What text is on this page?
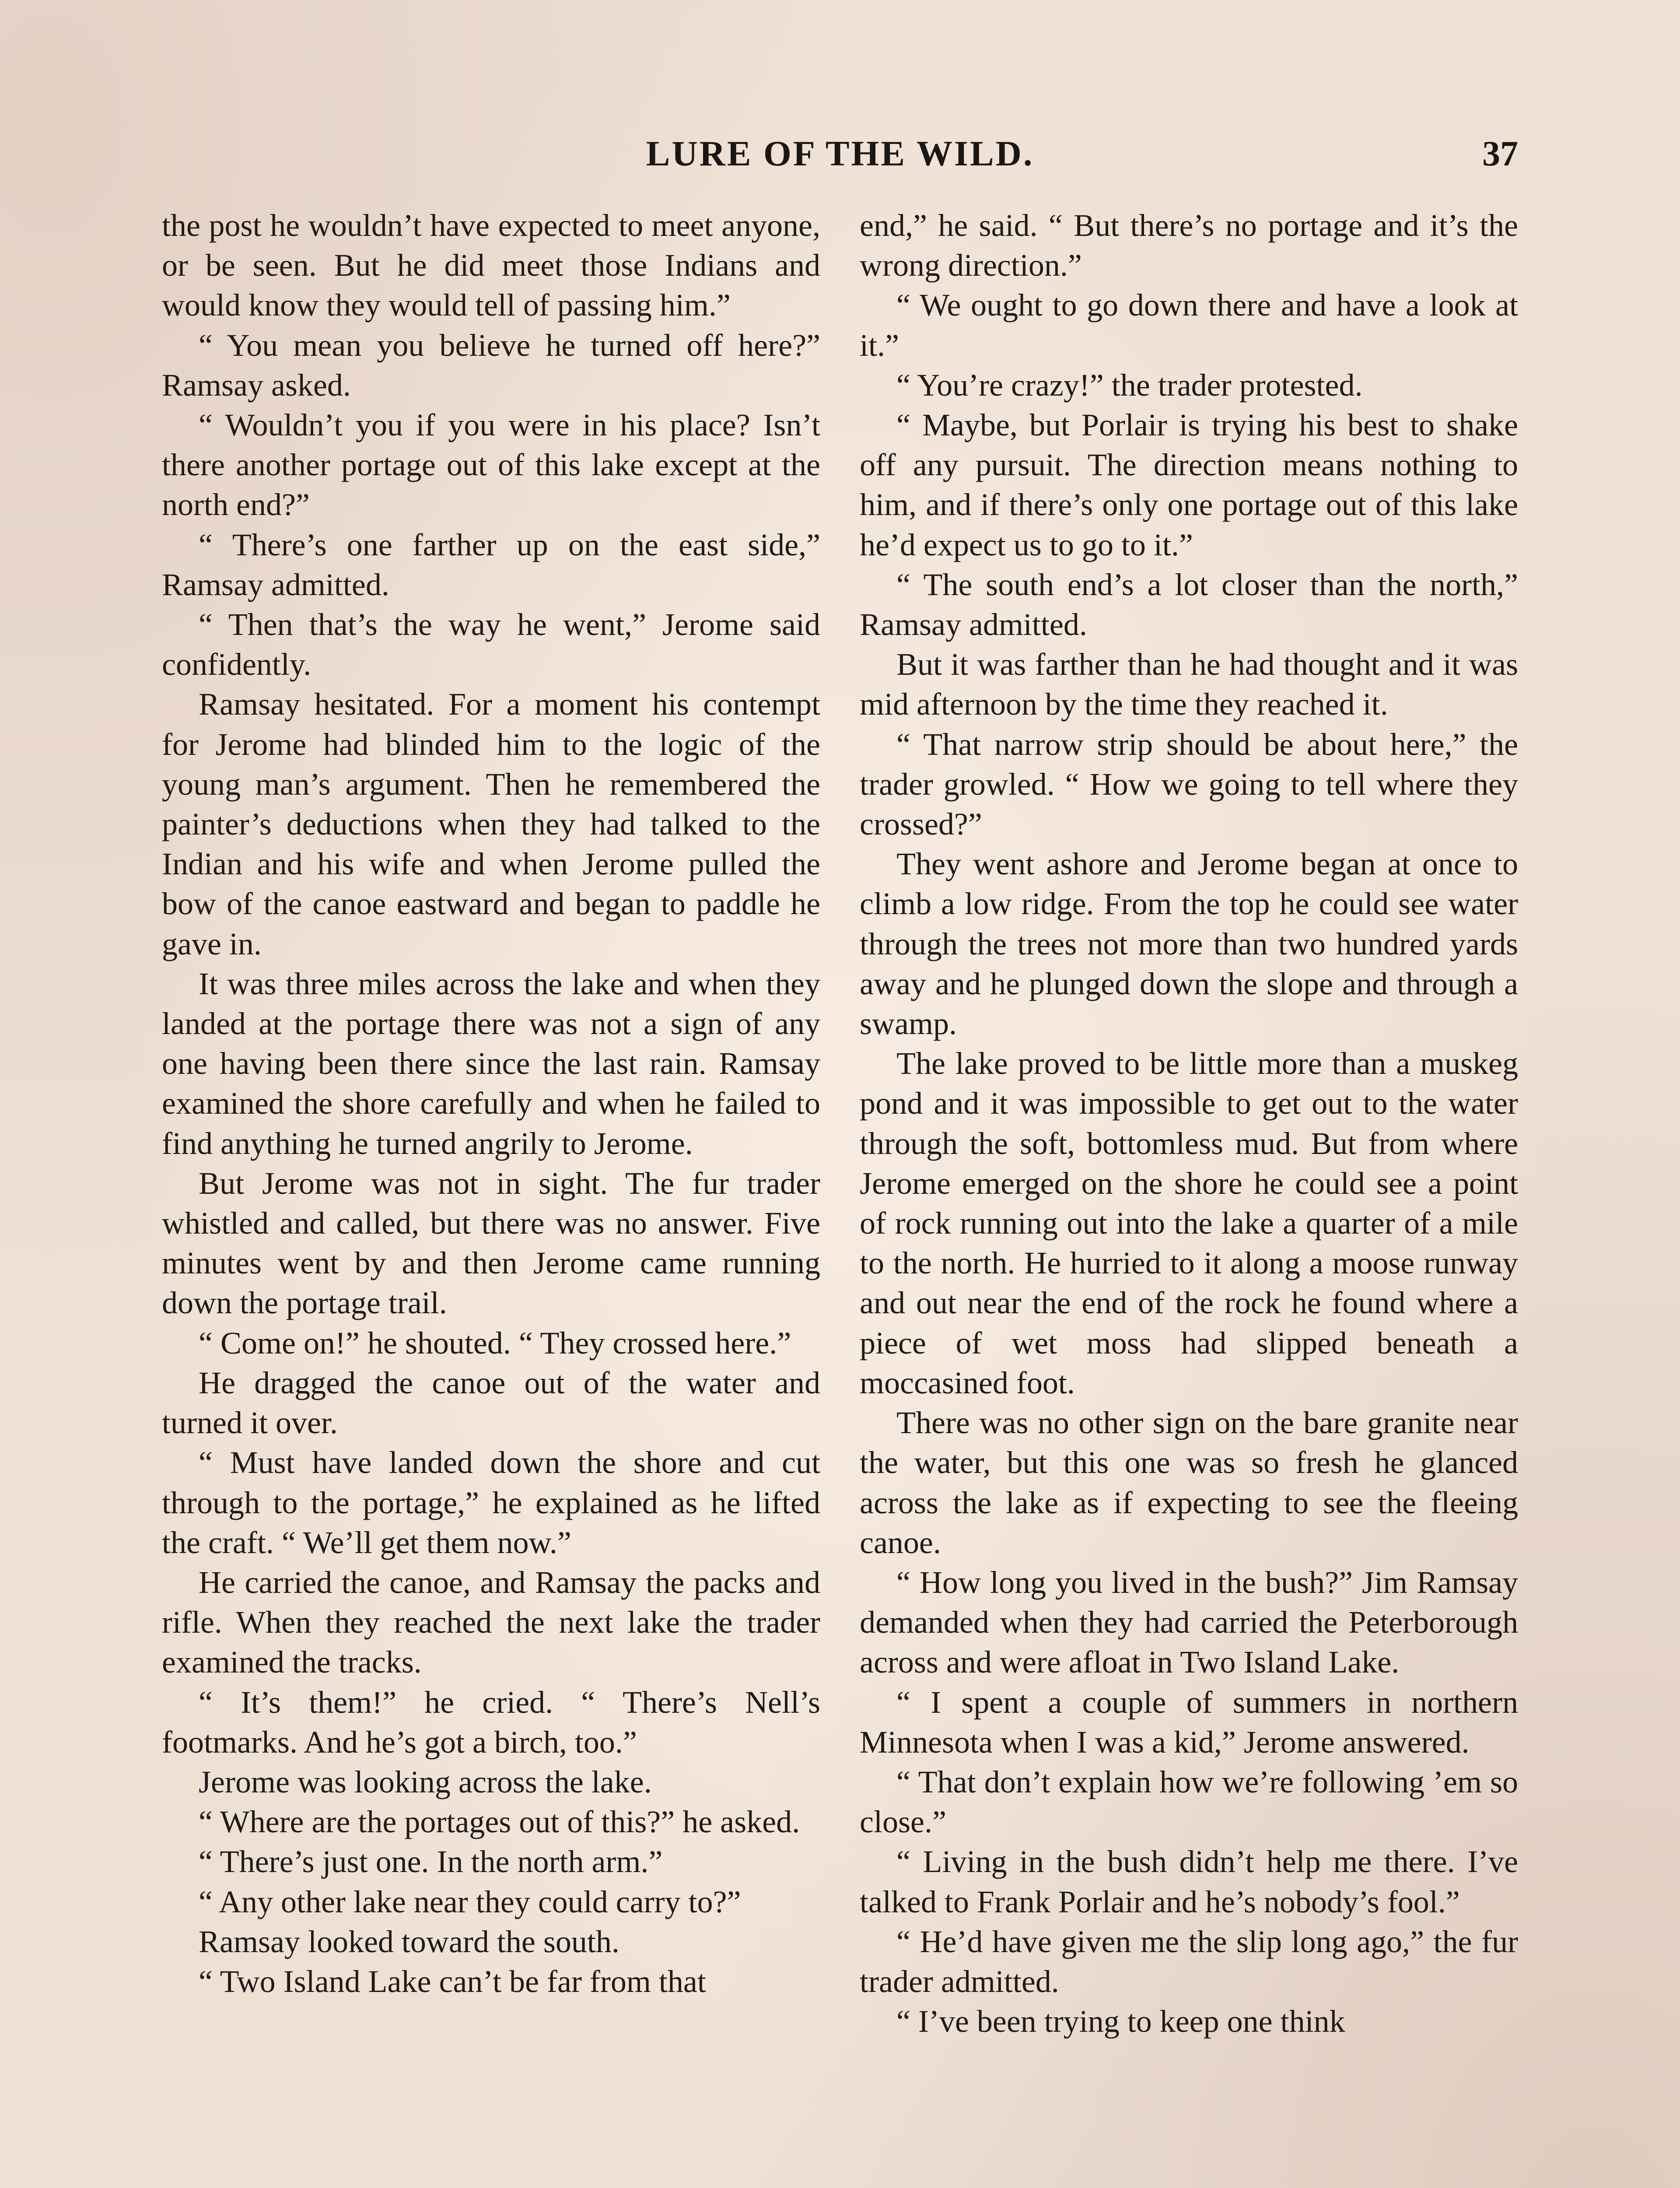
LURE OF THE WILD.	37

the post he wouldn’t have expected to meet anyone, or be seen. But he did meet those Indians and would know they would tell of passing him.”

“ You mean you believe he turned off here?” Ramsay asked.

“ Wouldn’t you if you were in his place? Isn’t there another portage out of this lake except at the north end?”

“ There’s one farther up on the east side,” Ramsay admitted.

“ Then that’s the way he went,” Jerome said confidently.

Ramsay hesitated. For a moment his contempt for Jerome had blinded him to the logic of the young man’s argument. Then he remembered the painter’s deductions when they had talked to the Indian and his wife and when Jerome pulled the bow of the canoe eastward and began to paddle he gave in.

It was three miles across the lake and when they landed at the portage there was not a sign of any one having been there since the last rain. Ramsay examined the shore carefully and when he failed to find anything he turned angrily to Jerome.

But Jerome was not in sight. The fur trader whistled and called, but there was no answer. Five minutes went by and then Jerome came running down the portage trail.

“ Come on!” he shouted. “ They crossed here.”

He dragged the canoe out of the water and turned it over.

“ Must have landed down the shore and cut through to the portage,” he explained as he lifted the craft. “ We’ll get them now.”

He carried the canoe, and Ramsay the packs and rifle. When they reached the next lake the trader examined the tracks.

“ It’s them!” he cried. “ There’s Nell’s footmarks. And he’s got a birch, too.”

Jerome was looking across the lake.

“ Where are the portages out of this?” he asked.

“ There’s just one. In the north arm.”

“ Any other lake near they could carry to?”

Ramsay looked toward the south.

“ Two Island Lake can’t be far from that

end,” he said. “ But there’s no portage and it’s the wrong direction.”

“ We ought to go down there and have a look at it.”

“ You’re crazy!” the trader protested.

“ Maybe, but Porlair is trying his best to shake off any pursuit. The direction means nothing to him, and if there’s only one portage out of this lake he’d expect us to go to it.”

“ The south end’s a lot closer than the north,” Ramsay admitted.

But it was farther than he had thought and it was mid afternoon by the time they reached it.

“ That narrow strip should be about here,” the trader growled. “ How we going to tell where they crossed?”

They went ashore and Jerome began at once to climb a low ridge. From the top he could see water through the trees not more than two hundred yards away and he plunged down the slope and through a swamp.

The lake proved to be little more than a muskeg pond and it was impossible to get out to the water through the soft, bottomless mud. But from where Jerome emerged on the shore he could see a point of rock running out into the lake a quarter of a mile to the north. He hurried to it along a moose runway and out near the end of the rock he found where a piece of wet moss had slipped beneath a moccasined foot.

There was no other sign on the bare granite near the water, but this one was so fresh he glanced across the lake as if expecting to see the fleeing canoe.

“ How long you lived in the bush?” Jim Ramsay demanded when they had carried the Peterborough across and were afloat in Two Island Lake.

“ I spent a couple of summers in northern Minnesota when I was a kid,” Jerome answered.

“ That don’t explain how we’re following ’em so close.”

“ Living in the bush didn’t help me there. I’ve talked to Frank Porlair and he’s nobody’s fool.”

“ He’d have given me the slip long ago,” the fur trader admitted.

“ I’ve been trying to keep one think
